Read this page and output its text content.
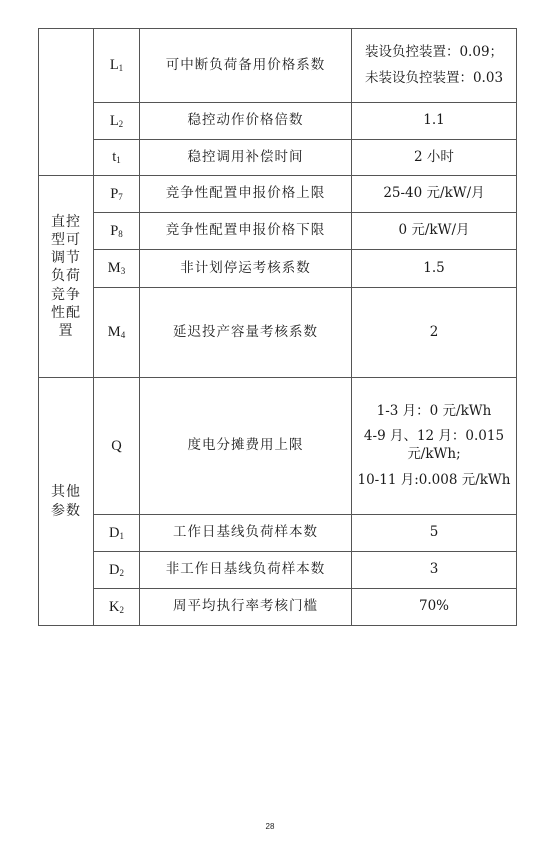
	$L_1$	可中断负荷备用价格系数	装设负控装置：0.09；
未装设负控装置：0.03

	$L_2$	稳控动作价格倍数	1.1
	$t_1$	稳控调用补偿时间	2 小时
直控型可调节负荷竞争性配置	$P_7$	竞争性配置申报价格上限	25-40 元/kW/月
	$P_8$	竞争性配置申报价格下限	0 元/kW/月
	$M_3$	非计划停运考核系数	1.5
	$M_4$	延迟投产容量考核系数	2
其他参数	Q	度电分摊费用上限	1-3 月：0 元/kWh
4-9 月、12 月：0.015 元/kWh;
10-11 月:0.008 元/kWh

	$D_1$	工作日基线负荷样本数	5
	$D_2$	非工作日基线负荷样本数	3
	$K_2$	周平均执行率考核门槛	70%
28
